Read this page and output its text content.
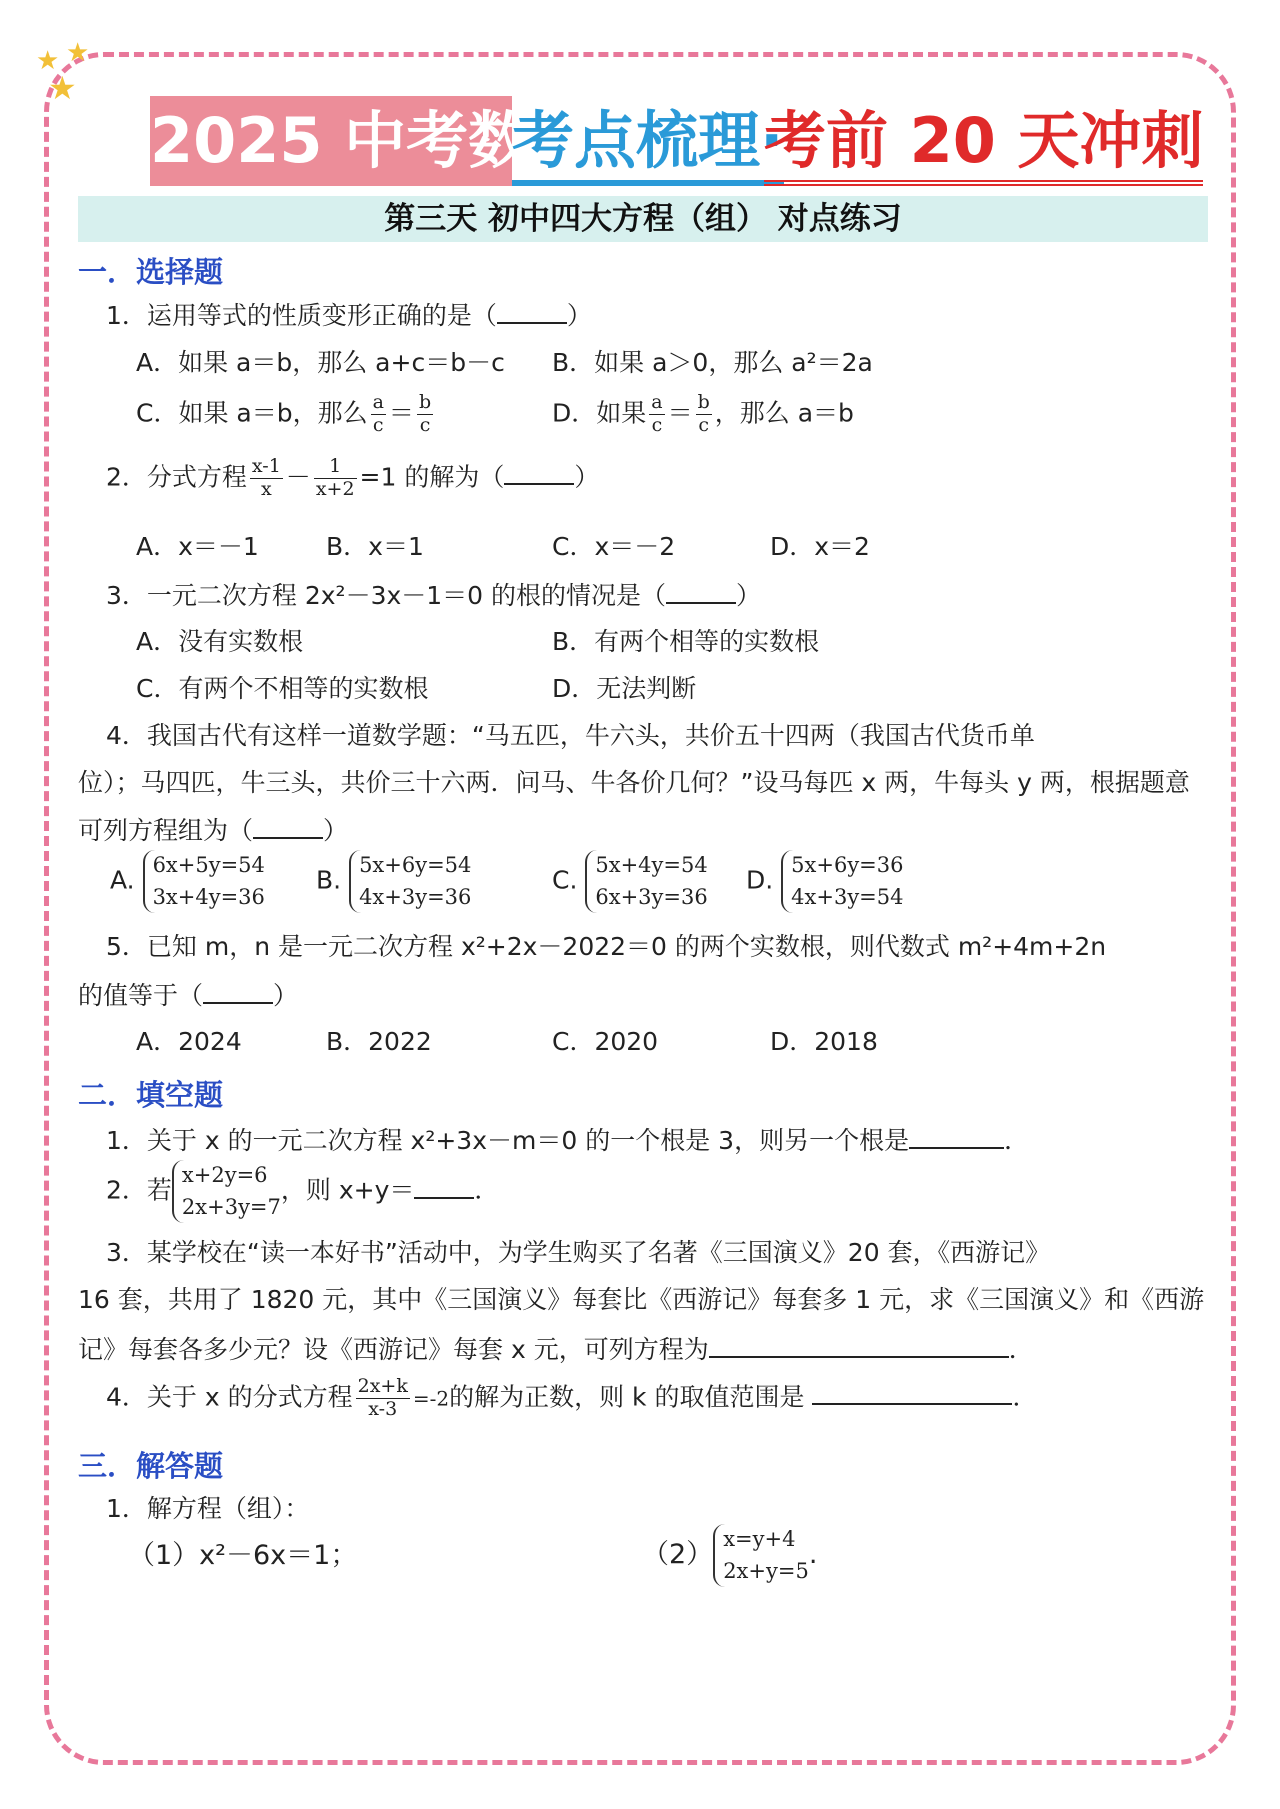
★ ★
★
2025 中考数学
考点梳理·
考前 20 天冲刺
第三天 初中四大方程（组） 对点练习
一．选择题
1．运用等式的性质变形正确的是（	）
A．如果 a＝b，那么 a+c＝b－c B．如果 a＞0，那么 a²＝2a
C．如果 a＝b，那么 $\frac{a}{c} = \frac{b}{c}$	D．如果 $\frac{a}{c} = \frac{b}{c}$ ，那么 a＝b
2．分式方程 $\frac{x-1}{x} - \frac{1}{x+2} =1$ 的解为（	）
A．x＝－1	B．x＝1	C．x＝－2	D．x＝2
3．一元二次方程 2x²－3x－1＝0 的根的情况是（	）
A．没有实数根	B．有两个相等的实数根
C．有两个不相等的实数根	D．无法判断
4．我国古代有这样一道数学题：“马五匹，牛六头，共价五十四两（我国古代货币单
位）；马四匹，牛三头，共价三十六两．问马、牛各价几何？”设马每匹 x 两，牛每头 y 两，根据题意
可列方程组为（	）
A.
6x+5y=54
3x+4y=36
B.
5x+6y=54
4x+3y=36
C.
5x+4y=54
6x+3y=36
D.
5x+6y=36
4x+3y=54
5．已知 m，n 是一元二次方程 x²+2x－2022＝0 的两个实数根，则代数式 m²+4m+2n
的值等于（	）
A．2024	B．2022	C．2020	D．2018
二．填空题
1．关于 x 的一元二次方程 x²+3x－m＝0 的一个根是 3，则另一个根是	．
2．若
x+2y=6
2x+3y=7
，则 x+y＝ ．
3．某学校在“读一本好书”活动中，为学生购买了名著《三国演义》20 套，《西游记》
16 套，共用了 1820 元，其中《三国演义》每套比《西游记》每套多 1 元，求《三国演义》和《西游
记》每套各多少元？设《西游记》每套 x 元，可列方程为	．
4．关于 x 的分式方程 $\frac{2x+k}{x-3} =-2$的解为正数，则 k 的取值范围是	．
三．解答题
1．解方程（组）：
（1）x²－6x＝1；	（2） x=y+4
2x+y=5
.
